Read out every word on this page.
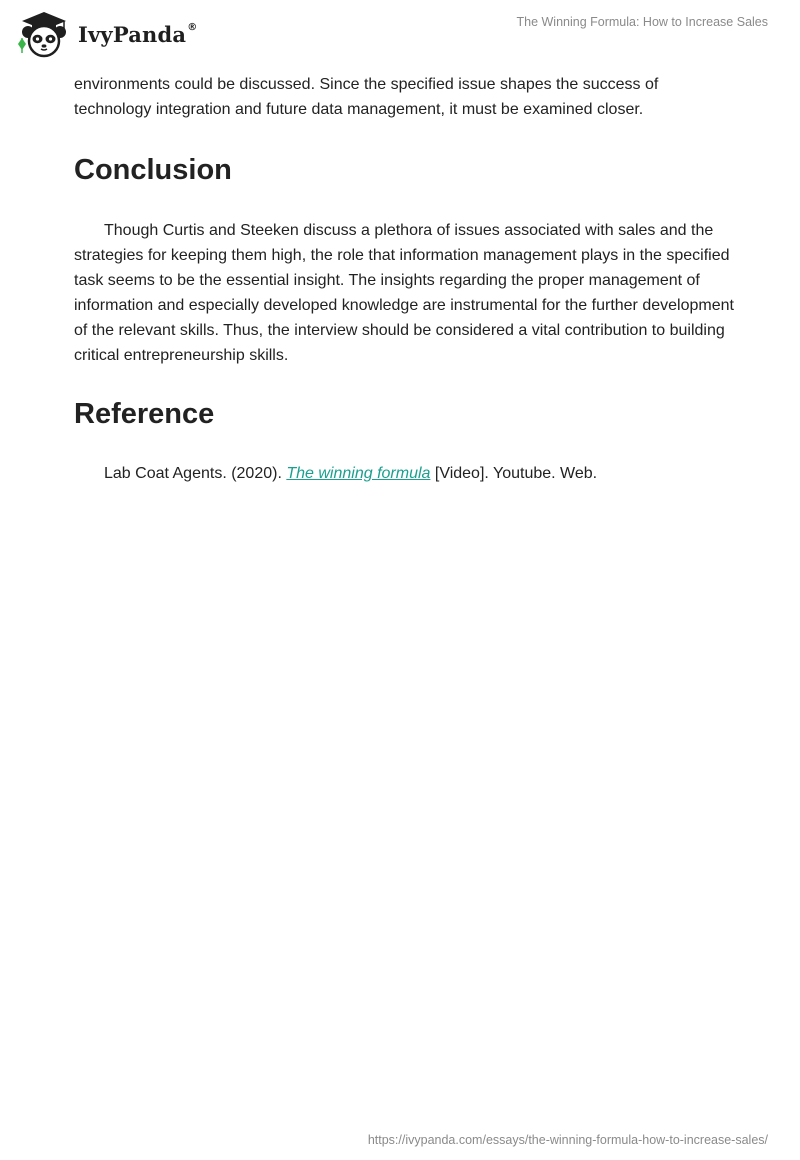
IvyPanda®	The Winning Formula: How to Increase Sales

environments could be discussed. Since the specified issue shapes the success of technology integration and future data management, it must be examined closer.

Conclusion

Though Curtis and Steeken discuss a plethora of issues associated with sales and the strategies for keeping them high, the role that information management plays in the specified task seems to be the essential insight. The insights regarding the proper management of information and especially developed knowledge are instrumental for the further development of the relevant skills. Thus, the interview should be considered a vital contribution to building critical entrepreneurship skills.

Reference
Lab Coat Agents. (2020). The winning formula [Video]. Youtube. Web.
https://ivypanda.com/essays/the-winning-formula-how-to-increase-sales/
